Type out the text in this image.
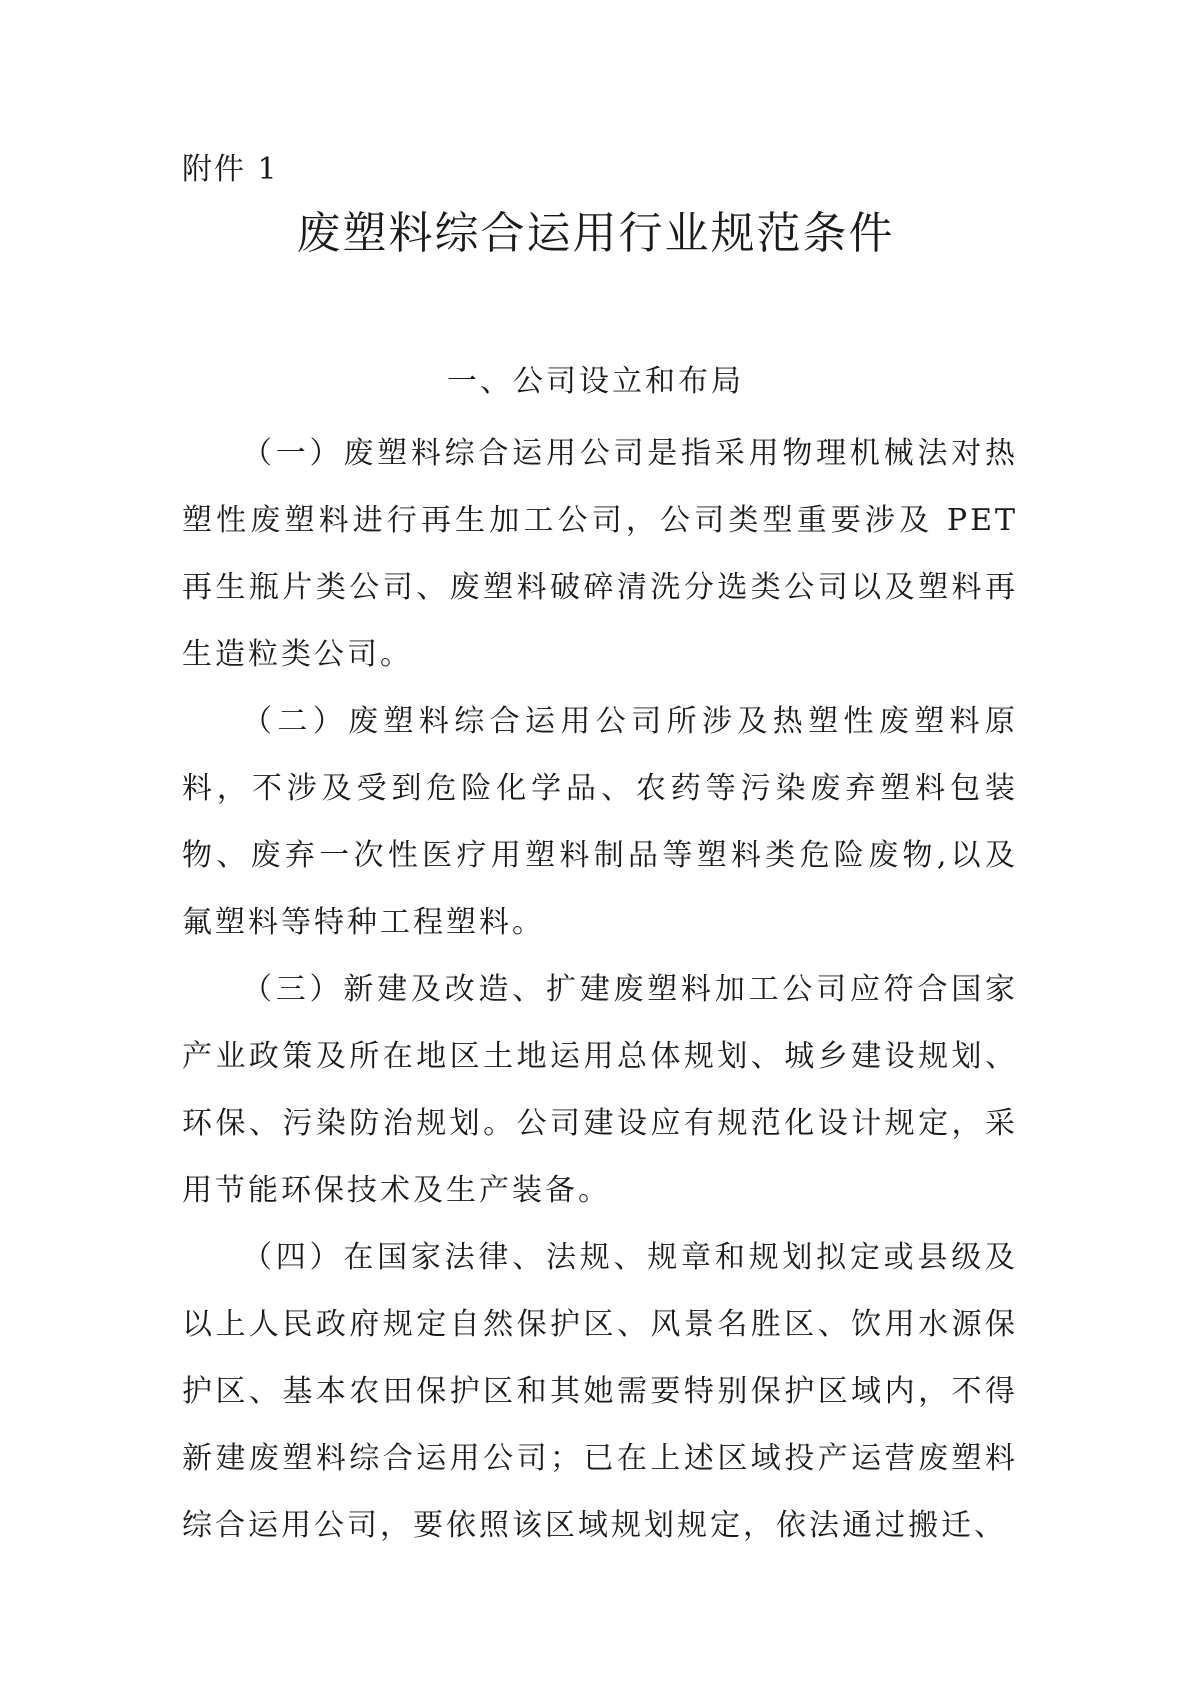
附件 1
废塑料综合运用行业规范条件
一、公司设立和布局

（一）废塑料综合运用公司是指采用物理机械法对热塑性废塑料进行再生加工公司，公司类型重要涉及 PET 再生瓶片类公司、废塑料破碎清洗分选类公司以及塑料再生造粒类公司。

（二）废塑料综合运用公司所涉及热塑性废塑料原料，不涉及受到危险化学品、农药等污染废弃塑料包装物、废弃一次性医疗用塑料制品等塑料类危险废物,以及氟塑料等特种工程塑料。

（三）新建及改造、扩建废塑料加工公司应符合国家产业政策及所在地区土地运用总体规划、城乡建设规划、环保、污染防治规划。公司建设应有规范化设计规定，采用节能环保技术及生产装备。

（四）在国家法律、法规、规章和规划拟定或县级及以上人民政府规定自然保护区、风景名胜区、饮用水源保护区、基本农田保护区和其她需要特别保护区域内，不得新建废塑料综合运用公司；已在上述区域投产运营废塑料综合运用公司，要依照该区域规划规定，依法通过搬迁、
